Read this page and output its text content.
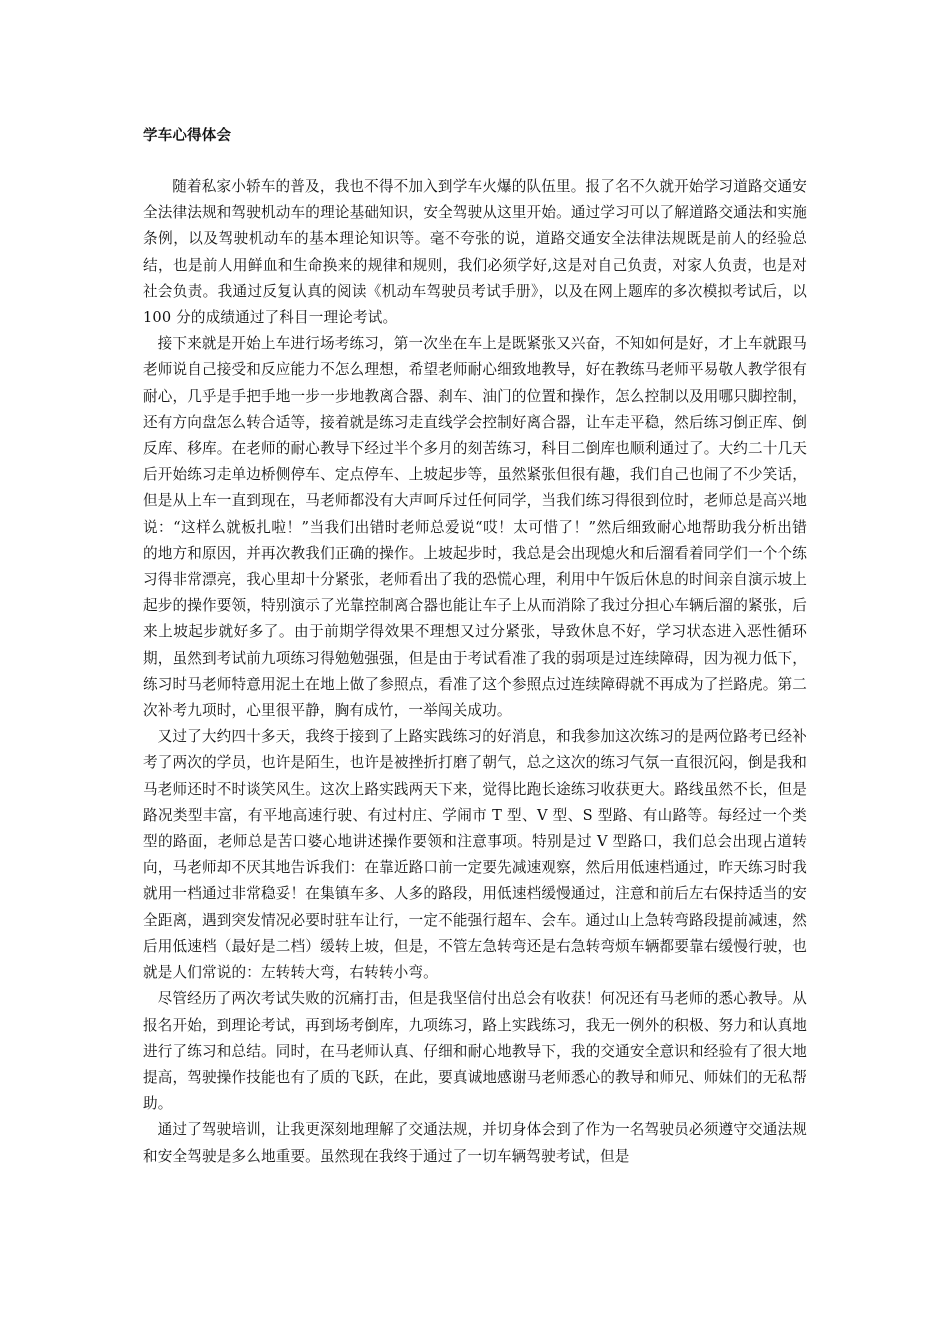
学车心得体会

随着私家小轿车的普及，我也不得不加入到学车火爆的队伍里。报了名不久就开始学习道路交通安全法律法规和驾驶机动车的理论基础知识，安全驾驶从这里开始。通过学习可以了解道路交通法和实施条例，以及驾驶机动车的基本理论知识等。毫不夸张的说，道路交通安全法律法规既是前人的经验总结，也是前人用鲜血和生命换来的规律和规则，我们必须学好,这是对自己负责，对家人负责，也是对社会负责。我通过反复认真的阅读《机动车驾驶员考试手册》，以及在网上题库的多次模拟考试后，以 100 分的成绩通过了科目一理论考试。

接下来就是开始上车进行场考练习，第一次坐在车上是既紧张又兴奋，不知如何是好，才上车就跟马老师说自己接受和反应能力不怎么理想，希望老师耐心细致地教导，好在教练马老师平易敬人教学很有耐心，几乎是手把手地一步一步地教离合器、刹车、油门的位置和操作，怎么控制以及用哪只脚控制，还有方向盘怎么转合适等，接着就是练习走直线学会控制好离合器，让车走平稳，然后练习倒正库、倒反库、移库。在老师的耐心教导下经过半个多月的刻苦练习，科目二倒库也顺利通过了。大约二十几天后开始练习走单边桥侧停车、定点停车、上坡起步等，虽然紧张但很有趣，我们自己也闹了不少笑话，但是从上车一直到现在，马老师都没有大声呵斥过任何同学，当我们练习得很到位时，老师总是高兴地说：“这样么就板扎啦！”当我们出错时老师总爱说“哎！太可惜了！”然后细致耐心地帮助我分析出错的地方和原因，并再次教我们正确的操作。上坡起步时，我总是会出现熄火和后溜看着同学们一个个练习得非常漂亮，我心里却十分紧张，老师看出了我的恐慌心理，利用中午饭后休息的时间亲自演示坡上起步的操作要领，特别演示了光靠控制离合器也能让车子上从而消除了我过分担心车辆后溜的紧张，后来上坡起步就好多了。由于前期学得效果不理想又过分紧张，导致休息不好，学习状态进入恶性循环期，虽然到考试前九项练习得勉勉强强，但是由于考试看准了我的弱项是过连续障碍，因为视力低下，练习时马老师特意用泥土在地上做了参照点，看准了这个参照点过连续障碍就不再成为了拦路虎。第二次补考九项时，心里很平静，胸有成竹，一举闯关成功。

又过了大约四十多天，我终于接到了上路实践练习的好消息，和我参加这次练习的是两位路考已经补考了两次的学员，也许是陌生，也许是被挫折打磨了朝气，总之这次的练习气氛一直很沉闷，倒是我和马老师还时不时谈笑风生。这次上路实践两天下来，觉得比跑长途练习收获更大。路线虽然不长，但是路况类型丰富，有平地高速行驶、有过村庄、学闹市 T 型、V 型、S 型路、有山路等。每经过一个类型的路面，老师总是苦口婆心地讲述操作要领和注意事项。特别是过 V 型路口，我们总会出现占道转向，马老师却不厌其地告诉我们：在靠近路口前一定要先减速观察，然后用低速档通过，昨天练习时我就用一档通过非常稳妥！在集镇车多、人多的路段，用低速档缓慢通过，注意和前后左右保持适当的安全距离，遇到突发情况必要时驻车让行，一定不能强行超车、会车。通过山上急转弯路段提前减速，然后用低速档（最好是二档）缓转上坡，但是，不管左急转弯还是右急转弯烦车辆都要靠右缓慢行驶，也就是人们常说的：左转转大弯，右转转小弯。

尽管经历了两次考试失败的沉痛打击，但是我坚信付出总会有收获！何况还有马老师的悉心教导。从报名开始，到理论考试，再到场考倒库，九项练习，路上实践练习，我无一例外的积极、努力和认真地进行了练习和总结。同时，在马老师认真、仔细和耐心地教导下，我的交通安全意识和经验有了很大地提高，驾驶操作技能也有了质的飞跃，在此，要真诚地感谢马老师悉心的教导和师兄、师妹们的无私帮助。

通过了驾驶培训，让我更深刻地理解了交通法规，并切身体会到了作为一名驾驶员必须遵守交通法规和安全驾驶是多么地重要。虽然现在我终于通过了一切车辆驾驶考试，但是
